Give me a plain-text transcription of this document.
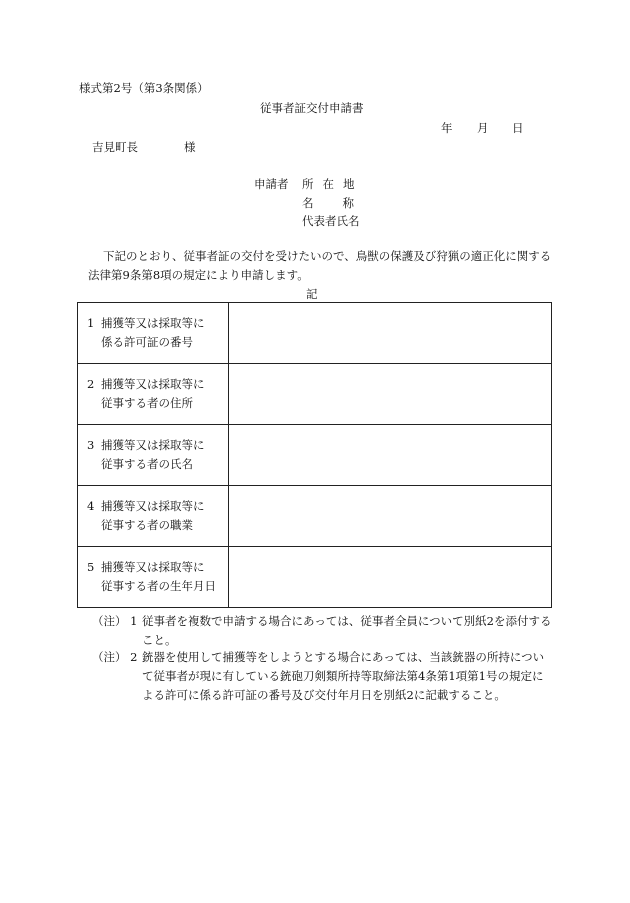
様式第2号（第3条関係）
従事者証交付申請書
年 月 日
吉見町長	様
申請者 所在地
名称
代表者氏名
下記のとおり、従事者証の交付を受けたいので、鳥獣の保護及び狩猟の適正化に関する法律第9条第8項の規定により申請します。
記
1 捕獲等又は採取等に
係る許可証の番号	

2 捕獲等又は採取等に
従事する者の住所	

3 捕獲等又は採取等に
従事する者の氏名	

4 捕獲等又は採取等に
従事する者の職業	

5 捕獲等又は採取等に
従事する者の生年月日	

（注） 1 従事者を複数で申請する場合にあっては、従事者全員について別紙2を添付すること。
（注） 2 銃器を使用して捕獲等をしようとする場合にあっては、当該銃器の所持について従事者が現に有している銃砲刀剣類所持等取締法第4条第1項第1号の規定による許可に係る許可証の番号及び交付年月日を別紙2に記載すること。
